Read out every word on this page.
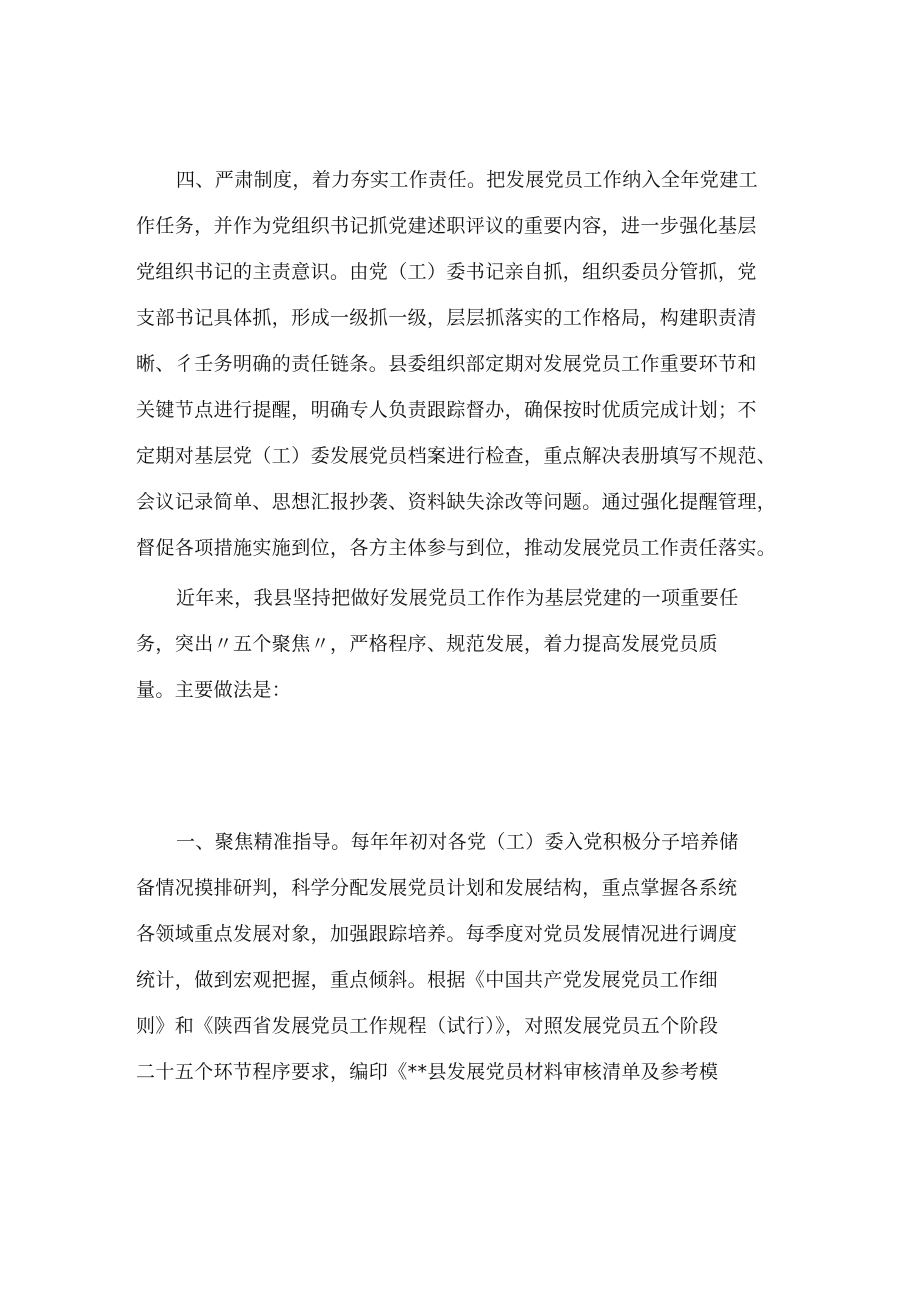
四、严肃制度，着力夯实工作责任。把发展党员工作纳入全年党建工
作任务，并作为党组织书记抓党建述职评议的重要内容，进一步强化基层
党组织书记的主责意识。由党（工）委书记亲自抓，组织委员分管抓，党
支部书记具体抓，形成一级抓一级，层层抓落实的工作格局，构建职责清
晰、彳壬务明确的责任链条。县委组织部定期对发展党员工作重要环节和
关键节点进行提醒，明确专人负责跟踪督办，确保按时优质完成计划；不
定期对基层党（工）委发展党员档案进行检查，重点解决表册填写不规范、
会议记录简单、思想汇报抄袭、资料缺失涂改等问题。通过强化提醒管理，
督促各项措施实施到位，各方主体参与到位，推动发展党员工作责任落实。
近年来，我县坚持把做好发展党员工作作为基层党建的一项重要任
务，突出〃五个聚焦〃，严格程序、规范发展，着力提高发展党员质
量。主要做法是：
一、聚焦精准指导。每年年初对各党（工）委入党积极分子培养储
备情况摸排研判，科学分配发展党员计划和发展结构，重点掌握各系统
各领域重点发展对象，加强跟踪培养。每季度对党员发展情况进行调度
统计，做到宏观把握，重点倾斜。根据《中国共产党发展党员工作细
则》和《陕西省发展党员工作规程（试行）》，对照发展党员五个阶段
二十五个环节程序要求，编印《**县发展党员材料审核清单及参考模
